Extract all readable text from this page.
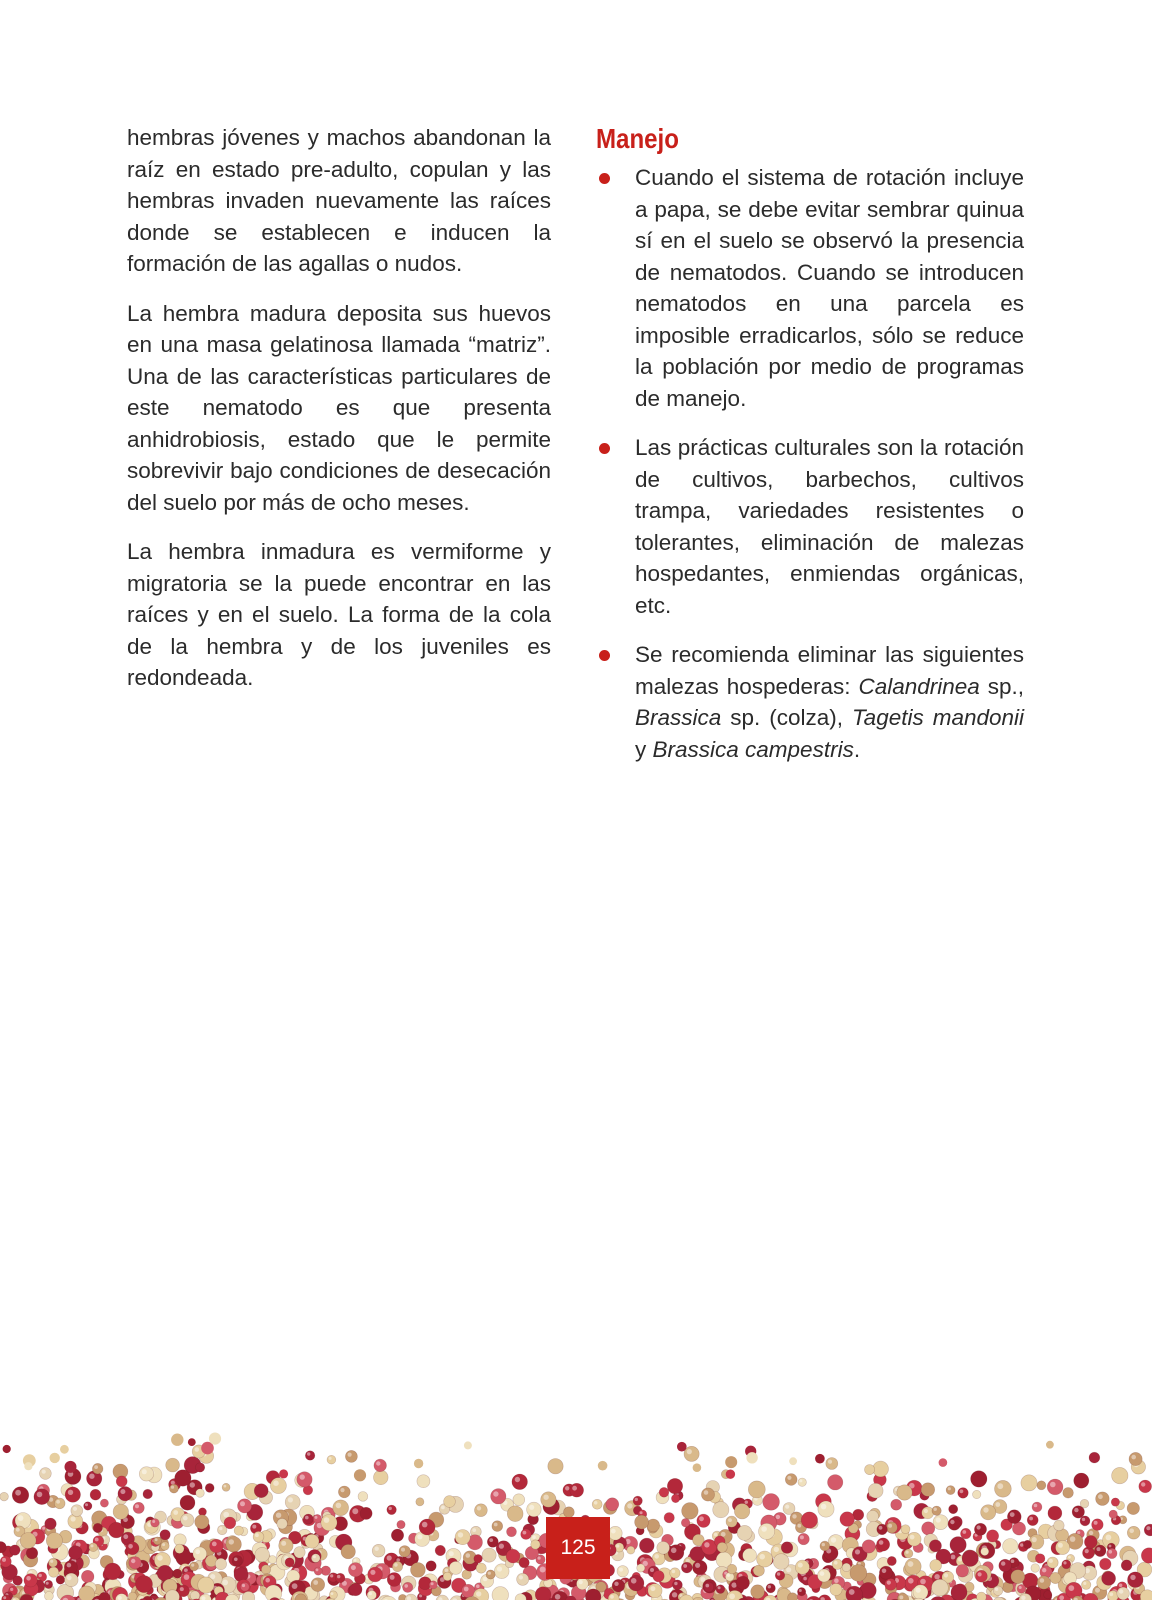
hembras jóvenes y machos abandonan la raíz en estado pre-adulto, copulan y las hembras invaden nuevamente las raíces donde se establecen e inducen la formación de las agallas o nudos.

La hembra madura deposita sus huevos en una masa gelatinosa llamada “matriz”. Una de las características particulares de este nematodo es que presenta anhidrobiosis, estado que le permite sobrevivir bajo condiciones de desecación del suelo por más de ocho meses.

La hembra inmadura es vermiforme y migratoria se la puede encontrar en las raíces y en el suelo. La forma de la cola de la hembra y de los juveniles es redondeada.

Manejo
Cuando el sistema de rotación incluye a papa, se debe evitar sembrar quinua sí en el suelo se observó la presencia de nematodos. Cuando se introducen nematodos en una parcela es imposible erradicarlos, sólo se reduce la población por medio de programas de manejo.
Las prácticas culturales son la rotación de cultivos, barbechos, cultivos trampa, variedades resistentes o tolerantes, eliminación de malezas hospedantes, enmiendas orgánicas, etc.
Se recomienda eliminar las siguientes malezas hospederas: Calandrinea sp., Brassica sp. (colza), Tagetis mandonii y Brassica campestris.
125
